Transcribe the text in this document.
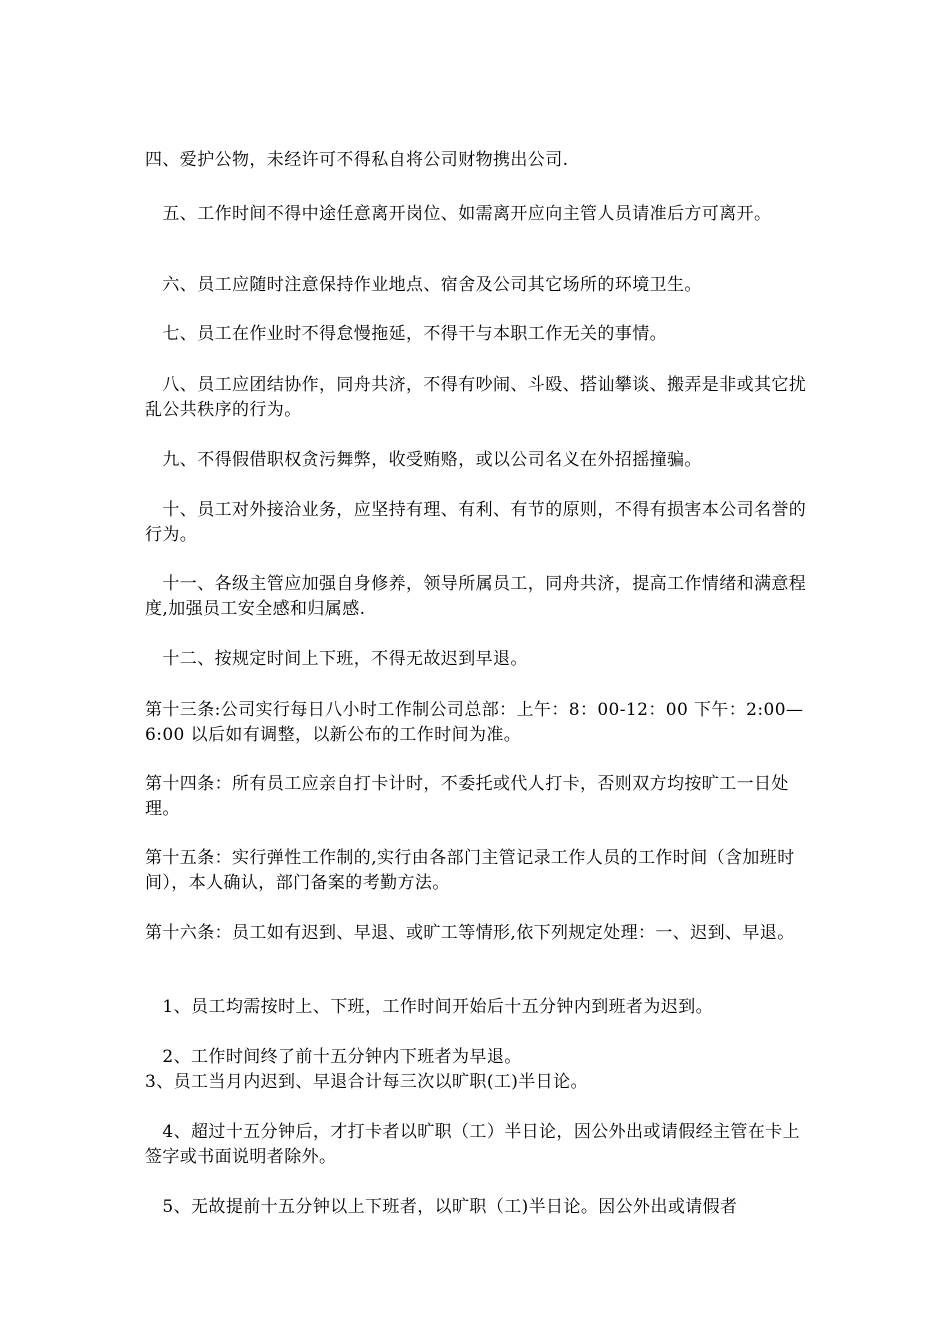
四、爱护公物，未经许可不得私自将公司财物携出公司.
　五、工作时间不得中途任意离开岗位、如需离开应向主管人员请准后方可离开。
　六、员工应随时注意保持作业地点、宿舍及公司其它场所的环境卫生。
　七、员工在作业时不得怠慢拖延，不得干与本职工作无关的事情。
　八、员工应团结协作，同舟共济，不得有吵闹、斗殴、搭讪攀谈、搬弄是非或其它扰乱公共秩序的行为。
　九、不得假借职权贪污舞弊，收受贿赂，或以公司名义在外招摇撞骗。
　十、员工对外接洽业务，应坚持有理、有利、有节的原则，不得有损害本公司名誉的行为。
　十一、各级主管应加强自身修养，领导所属员工，同舟共济，提高工作情绪和满意程度,加强员工安全感和归属感.
　十二、按规定时间上下班，不得无故迟到早退。
第十三条:公司实行每日八小时工作制公司总部：上午：8：00-12：00 下午：2:00—6:00 以后如有调整，以新公布的工作时间为准。
第十四条：所有员工应亲自打卡计时，不委托或代人打卡，否则双方均按旷工一日处理。
第十五条：实行弹性工作制的,实行由各部门主管记录工作人员的工作时间（含加班时间），本人确认，部门备案的考勤方法。
第十六条：员工如有迟到、早退、或旷工等情形,依下列规定处理：一、迟到、早退。
　1、员工均需按时上、下班，工作时间开始后十五分钟内到班者为迟到。
　2、工作时间终了前十五分钟内下班者为早退。
3、员工当月内迟到、早退合计每三次以旷职(工)半日论。
　4、超过十五分钟后，才打卡者以旷职（工）半日论，因公外出或请假经主管在卡上签字或书面说明者除外。
　5、无故提前十五分钟以上下班者，以旷职（工)半日论。因公外出或请假者
